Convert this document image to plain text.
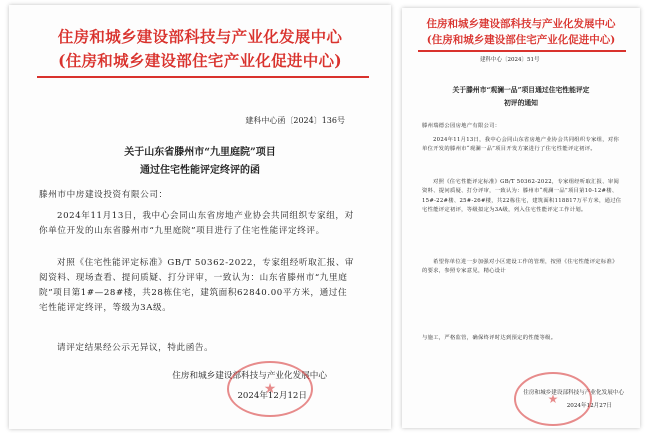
住房和城乡建设部科技与产业化发展中心
(住房和城乡建设部住宅产业化促进中心)
建科中心函〔2024〕136号
关于山东省滕州市“九里庭院”项目
通过住宅性能评定终评的函
滕州市中房建设投资有限公司：
2024年11月13日，我中心会同山东省房地产业协会共同组织专家组，对你单位开发的山东省滕州市“九里庭院”项目进行了住宅性能评定终评。
对照《住宅性能评定标准》GB/T 50362-2022，专家组经听取汇报、审阅资料、现场查看、提问质疑、打分评审，一致认为：山东省滕州市“九里庭院”项目第1#—28#楼，共28栋住宅，建筑面积62840.00平方米，通过住宅性能评定终评，等级为3A级。
请评定结果经公示无异议，特此函告。
住房和城乡建设部科技与产业化发展中心
2024年12月12日
★
住房和城乡建设部科技与产业化发展中心
(住房和城乡建设部住宅产业化促进中心)
建科中心〔2024〕51号
关于滕州市“观澜一品”项目通过住宅性能评定
初评的通知
滕州瑞德公园房地产有限公司：
2024年11月13日，我中心会同山东省房地产业协会共同组织专家组，对你单位开发的滕州市“观澜一品”项目开发方案进行了住宅性能评定初评。
对照《住宅性能评定标准》GB/T 50362-2022，专家组经听取汇报、审阅资料、提问质疑、打分评审，一致认为：滕州市“观澜一品”项目第10-12#楼、15#-22#楼、25#-26#楼，共22栋住宅，建筑面积118817万平方米，通过住宅性能评定初评，等级拟定为3A级，列入住宅性能评定工作计划。
希望你单位进一步加强对小区建设工作的管理，按照《住宅性能评定标准》的要求，参照专家意见，精心设计
与施工，严格监管，确保终评时达到预定的性能等级。
住房和城乡建设部科技与产业化发展中心
2024年12月27日
★
